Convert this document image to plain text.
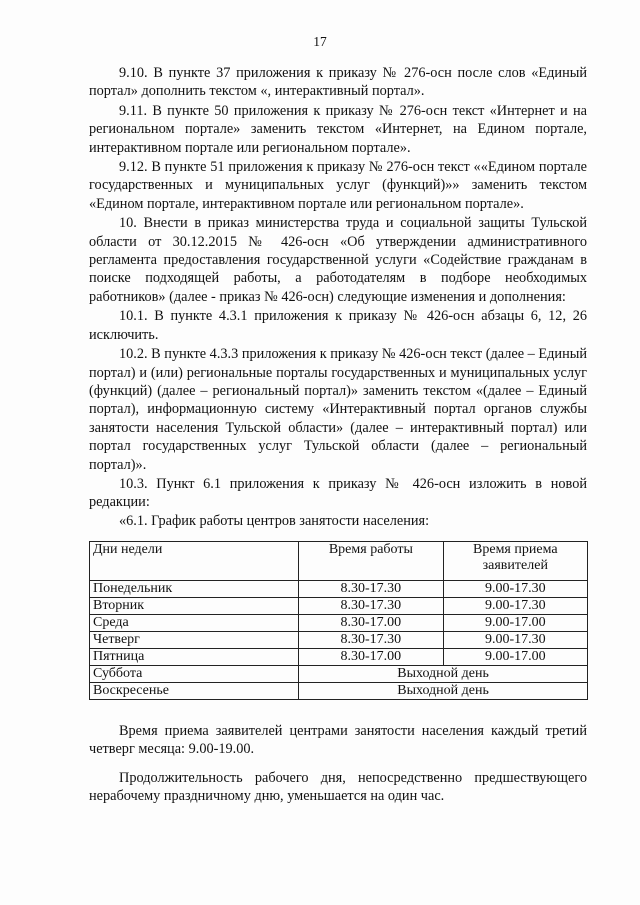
17

9.10. В пункте 37 приложения к приказу № 276-осн после слов «Единый портал» дополнить текстом «, интерактивный портал».

9.11. В пункте 50 приложения к приказу № 276-осн текст «Интернет и на региональном портале» заменить текстом «Интернет, на Едином портале, интерактивном портале или региональном портале».

9.12. В пункте 51 приложения к приказу № 276-осн текст ««Едином портале государственных и муниципальных услуг (функций)»» заменить текстом «Едином портале, интерактивном портале или региональном портале».

10. Внести в приказ министерства труда и социальной защиты Тульской области от 30.12.2015 № 426-осн «Об утверждении административного регламента предоставления государственной услуги «Содействие гражданам в поиске подходящей работы, а работодателям в подборе необходимых работников» (далее - приказ № 426-осн) следующие изменения и дополнения:

10.1. В пункте 4.3.1 приложения к приказу № 426-осн абзацы 6, 12, 26 исключить.

10.2. В пункте 4.3.3 приложения к приказу № 426-осн текст (далее – Единый портал) и (или) региональные порталы государственных и муниципальных услуг (функций) (далее – региональный портал)» заменить текстом «(далее – Единый портал), информационную систему «Интерактивный портал органов службы занятости населения Тульской области» (далее – интерактивный портал) или портал государственных услуг Тульской области (далее – региональный портал)».

10.3. Пункт 6.1 приложения к приказу № 426-осн изложить в новой редакции:

«6.1. График работы центров занятости населения:

Дни недели	Время работы	Время приема заявителей
Понедельник	8.30-17.30	9.00-17.30
Вторник	8.30-17.30	9.00-17.30
Среда	8.30-17.00	9.00-17.00
Четверг	8.30-17.30	9.00-17.30
Пятница	8.30-17.00	9.00-17.00
Суббота	Выходной день	
Воскресенье	Выходной день	

Время приема заявителей центрами занятости населения каждый третий четверг месяца: 9.00-19.00.

Продолжительность рабочего дня, непосредственно предшествующего нерабочему праздничному дню, уменьшается на один час.
